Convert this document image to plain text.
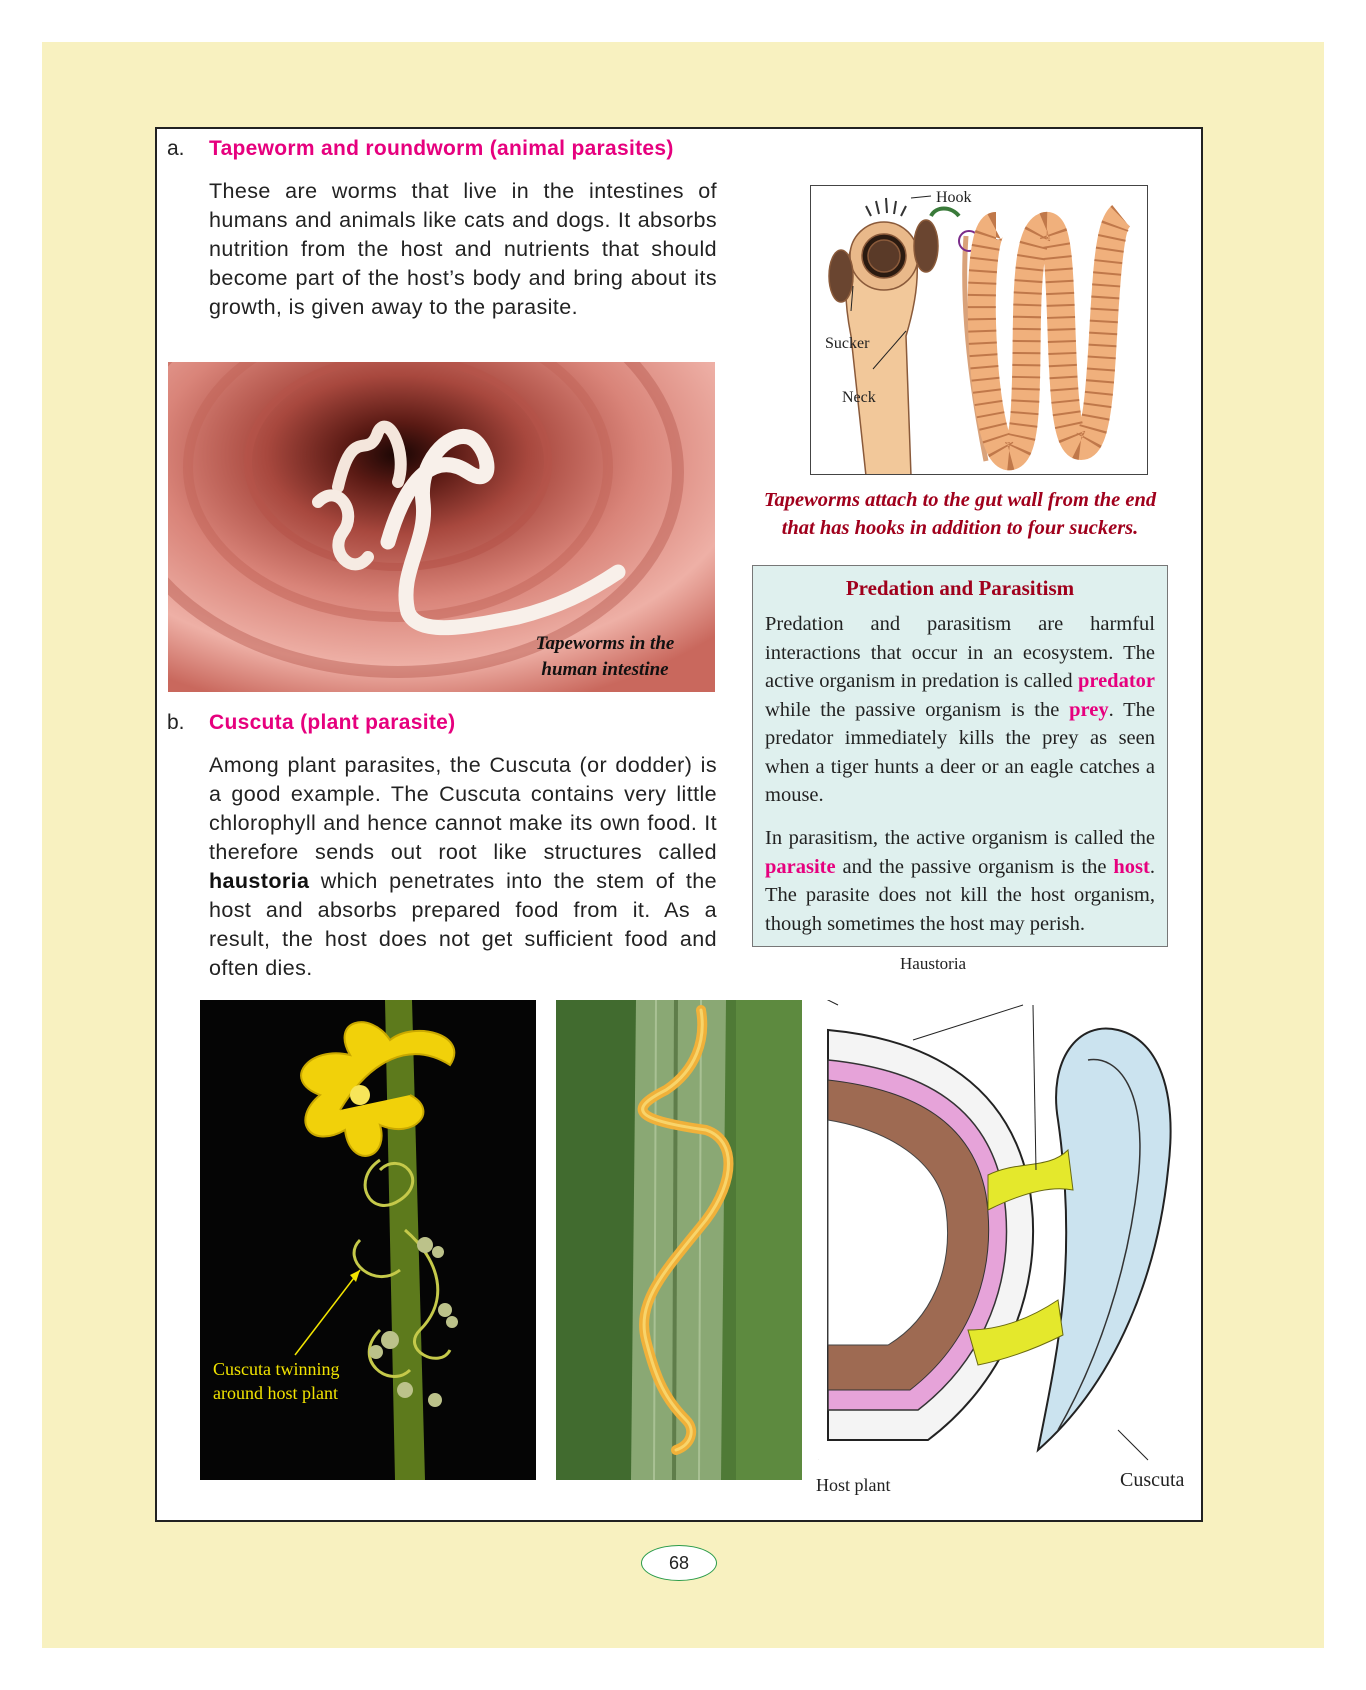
a. Tapeworm and roundworm (animal parasites)
These are worms that live in the intestines of humans and animals like cats and dogs. It absorbs nutrition from the host and nutrients that should become part of the host’s body and bring about its growth, is given away to the parasite.
Tapeworms in the
human intestine
Hook
Sucker
Neck
Tapeworms attach to the gut wall from the end
that has hooks in addition to four suckers.
Predation and Parasitism
Predation and parasitism are harmful interactions that occur in an ecosystem. The active organism in predation is called predator while the passive organism is the prey. The predator immediately kills the prey as seen when a tiger hunts a deer or an eagle catches a mouse.
In parasitism, the active organism is called the parasite and the passive organism is the host. The parasite does not kill the host organism, though sometimes the host may perish.
b. Cuscuta (plant parasite)
Among plant parasites, the Cuscuta (or dodder) is a good example. The Cuscuta contains very little chlorophyll and hence cannot make its own food. It therefore sends out root like structures called haustoria which penetrates into the stem of the host and absorbs prepared food from it. As a result, the host does not get sufficient food and often dies.
Cuscuta twinning
around host plant
Haustoria
Host plant	Cuscuta
68
